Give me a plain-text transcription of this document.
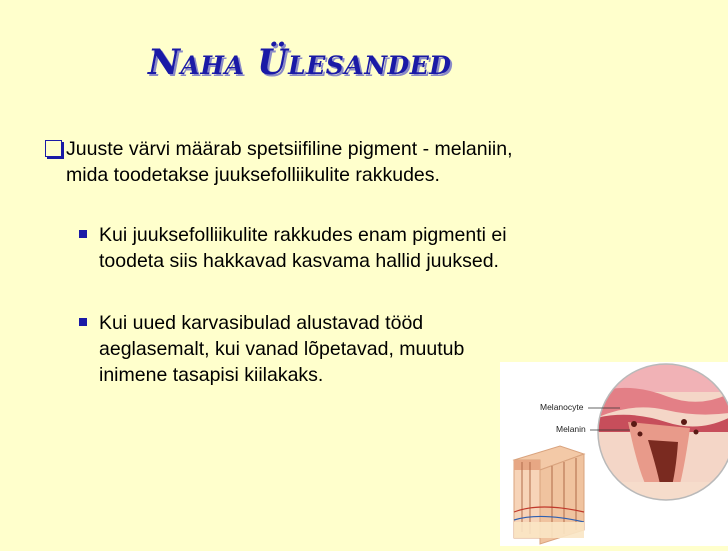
Naha Ülesanded
Juuste värvi määrab spetsiifiline pigment - melaniin, mida toodetakse juuksefolliikulite rakkudes.
Kui juuksefolliikulite rakkudes enam pigmenti ei toodeta siis hakkavad kasvama hallid juuksed.
Kui uued karvasibulad alustavad tööd aeglasemalt, kui vanad lõpetavad, muutub inimene tasapisi kiilakaks.
Melanocyte
Melanin
